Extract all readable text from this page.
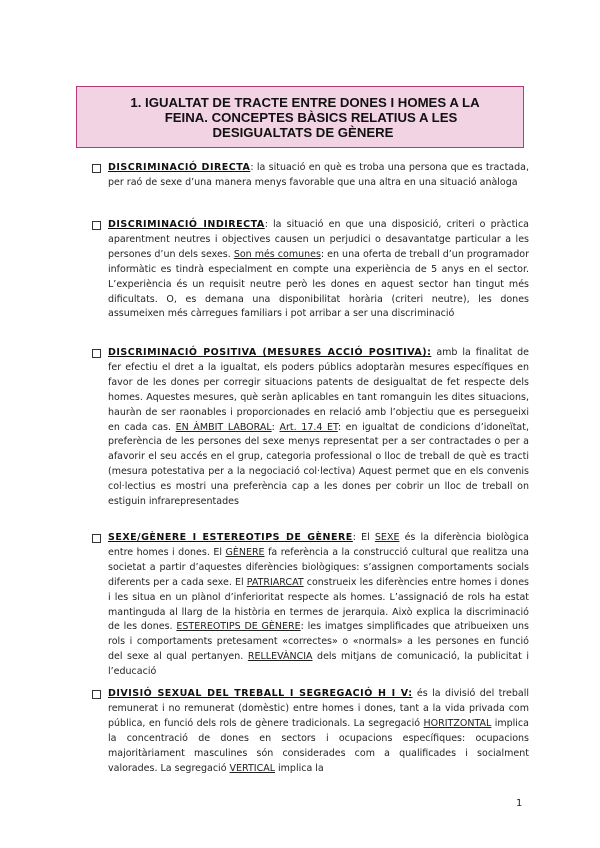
1. IGUALTAT DE TRACTE ENTRE DONES I HOMES A LA
FEINA. CONCEPTES BÀSICS RELATIUS A LES
DESIGUALTATS DE GÈNERE
DISCRIMINACIÓ DIRECTA: la situació en què es troba una persona que es tractada, per raó de sexe d’una manera menys favorable que una altra en una situació anàloga
DISCRIMINACIÓ INDIRECTA: la situació en que una disposició, criteri o pràctica aparentment neutres i objectives causen un perjudici o desavantatge particular a les persones d’un dels sexes. Son més comunes: en una oferta de treball d’un programador informàtic es tindrà especialment en compte una experiència de 5 anys en el sector. L’experiència és un requisit neutre però les dones en aquest sector han tingut més dificultats. O, es demana una disponibilitat horària (criteri neutre), les dones assumeixen més càrregues familiars i pot arribar a ser una discriminació
DISCRIMINACIÓ POSITIVA (MESURES ACCIÓ POSITIVA): amb la finalitat de fer efectiu el dret a la igualtat, els poders públics adoptaràn mesures específiques en favor de les dones per corregir situacions patents de desigualtat de fet respecte dels homes. Aquestes mesures, què seràn aplicables en tant romanguin les dites situacions, hauràn de ser raonables i proporcionades en relació amb l’objectiu que es persegueixi en cada cas. EN ÀMBIT LABORAL: Art. 17.4 ET: en igualtat de condicions d’idoneïtat, preferència de les persones del sexe menys representat per a ser contractades o per a afavorir el seu accés en el grup, categoria professional o lloc de treball de què es tracti (mesura potestativa per a la negociació col·lectiva) Aquest permet que en els convenis col·lectius es mostri una preferència cap a les dones per cobrir un lloc de treball on estiguin infrarepresentades
SEXE/GÈNERE I ESTEREOTIPS DE GÈNERE: El SEXE és la diferència biològica entre homes i dones. El GÈNERE fa referència a la construcció cultural que realitza una societat a partir d’aquestes diferències biològiques: s’assignen comportaments socials diferents per a cada sexe. El PATRIARCAT construeix les diferències entre homes i dones i les situa en un plànol d’inferioritat respecte als homes. L’assignació de rols ha estat mantinguda al llarg de la història en termes de jerarquia. Això explica la discriminació de les dones. ESTEREOTIPS DE GÈNERE: les imatges simplificades que atribueixen uns rols i comportaments pretesament «correctes» o «normals» a les persones en funció del sexe al qual pertanyen. RELLEVÀNCIA dels mitjans de comunicació, la publicitat i l’educació
DIVISIÓ SEXUAL DEL TREBALL I SEGREGACIÓ H I V: és la divisió del treball remunerat i no remunerat (domèstic) entre homes i dones, tant a la vida privada com pública, en funció dels rols de gènere tradicionals. La segregació HORITZONTAL implica la concentració de dones en sectors i ocupacions específiques: ocupacions majoritàriament masculines són considerades com a qualificades i socialment valorades. La segregació VERTICAL implica la
1
